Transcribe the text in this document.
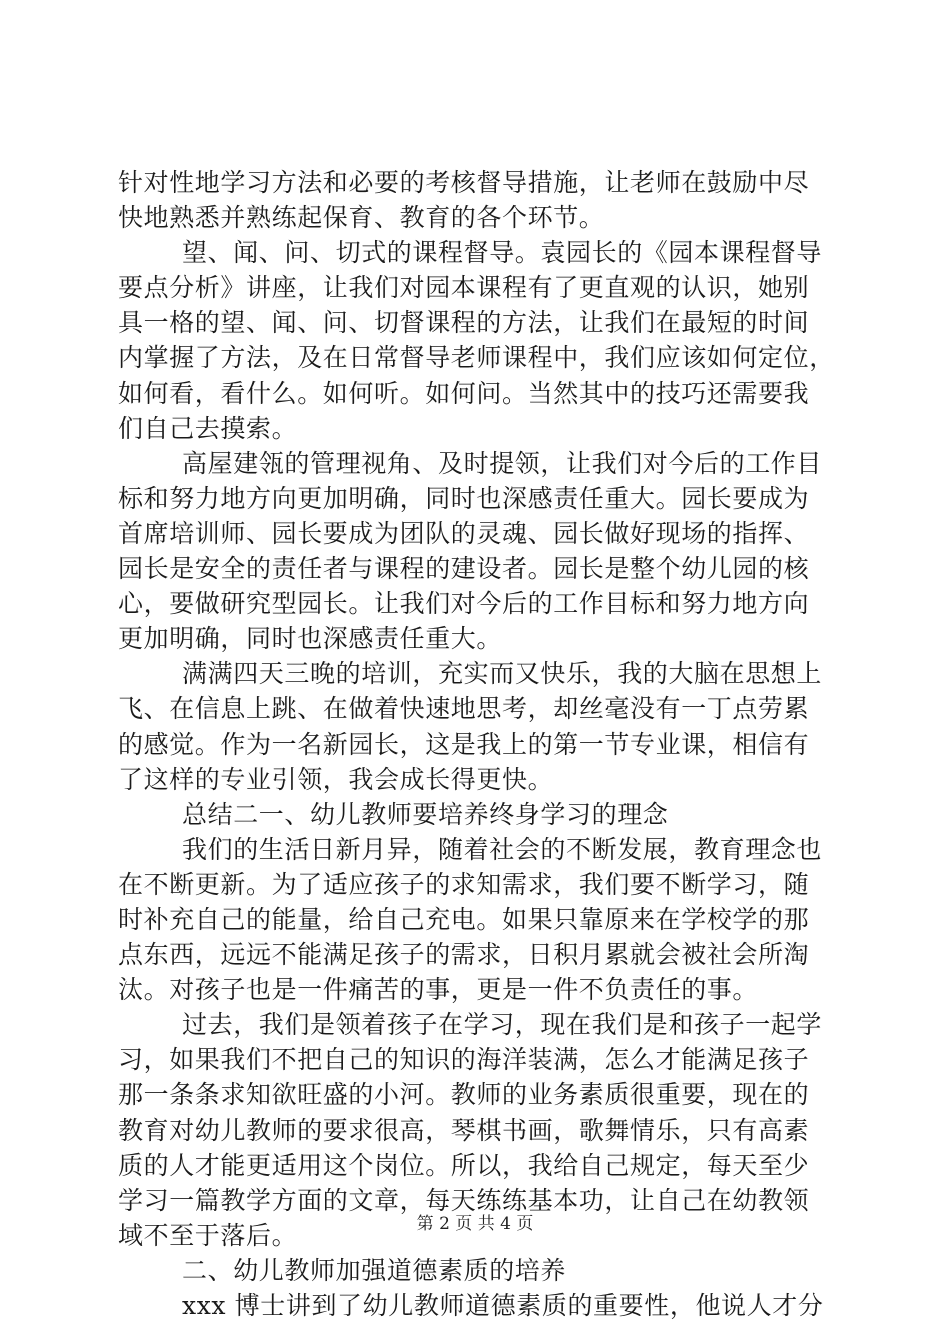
针对性地学习方法和必要的考核督导措施，让老师在鼓励中尽
快地熟悉并熟练起保育、教育的各个环节。
望、闻、问、切式的课程督导。袁园长的《园本课程督导
要点分析》讲座，让我们对园本课程有了更直观的认识，她别
具一格的望、闻、问、切督课程的方法，让我们在最短的时间
内掌握了方法，及在日常督导老师课程中，我们应该如何定位，
如何看，看什么。如何听。如何问。当然其中的技巧还需要我
们自己去摸索。
高屋建瓴的管理视角、及时提领，让我们对今后的工作目
标和努力地方向更加明确，同时也深感责任重大。园长要成为
首席培训师、园长要成为团队的灵魂、园长做好现场的指挥、
园长是安全的责任者与课程的建设者。园长是整个幼儿园的核
心，要做研究型园长。让我们对今后的工作目标和努力地方向
更加明确，同时也深感责任重大。
满满四天三晚的培训，充实而又快乐，我的大脑在思想上
飞、在信息上跳、在做着快速地思考，却丝毫没有一丁点劳累
的感觉。作为一名新园长，这是我上的第一节专业课，相信有
了这样的专业引领，我会成长得更快。
总结二一、幼儿教师要培养终身学习的理念
我们的生活日新月异，随着社会的不断发展，教育理念也
在不断更新。为了适应孩子的求知需求，我们要不断学习，随
时补充自己的能量，给自己充电。如果只靠原来在学校学的那
点东西，远远不能满足孩子的需求，日积月累就会被社会所淘
汰。对孩子也是一件痛苦的事，更是一件不负责任的事。
过去，我们是领着孩子在学习，现在我们是和孩子一起学
习，如果我们不把自己的知识的海洋装满，怎么才能满足孩子
那一条条求知欲旺盛的小河。教师的业务素质很重要，现在的
教育对幼儿教师的要求很高，琴棋书画，歌舞情乐，只有高素
质的人才能更适用这个岗位。所以，我给自己规定，每天至少
学习一篇教学方面的文章，每天练练基本功，让自己在幼教领
域不至于落后。
二、幼儿教师加强道德素质的培养
xxx 博士讲到了幼儿教师道德素质的重要性，他说人才分
第 2 页 共 4 页
